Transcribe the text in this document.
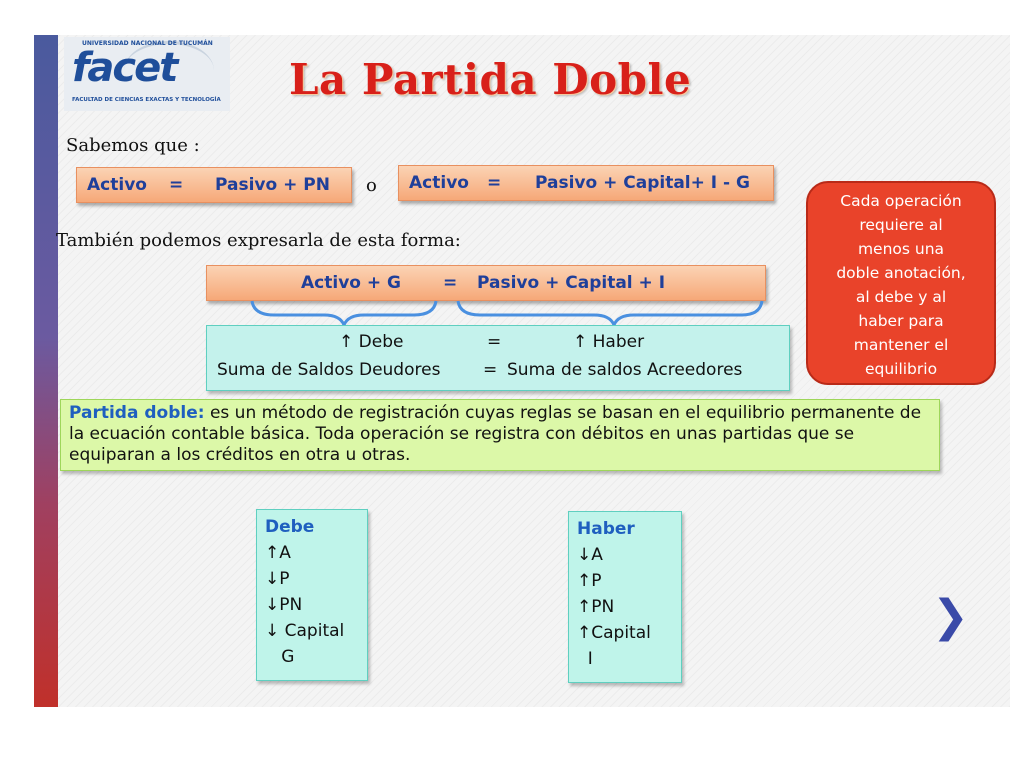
UNIVERSIDAD NACIONAL DE TUCUMÁN
facet
FACULTAD DE CIENCIAS EXACTAS Y TECNOLOGÍA La Partida Doble
Sabemos que :
Activo = Pasivo + PN o Activo = Pasivo + Capital+ I - G
También podemos expresarla de esta forma:
Activo + G = Pasivo + Capital + I
↑ Debe	=	↑ Haber
Suma de Saldos Deudores	= Suma de saldos Acreedores
Cada operación
requiere al
menos una
doble anotación,
al debe y al
haber para
mantener el
equilibrio
Partida doble: es un método de registración cuyas reglas se basan en el equilibrio permanente de la ecuación contable básica. Toda operación se registra con débitos en unas partidas que se equiparan a los créditos en otra u otras.
Debe
↑A
↓P
↓PN
↓ Capital
G
Haber
↓A
↑P
↑PN
↑Capital
I
❯
